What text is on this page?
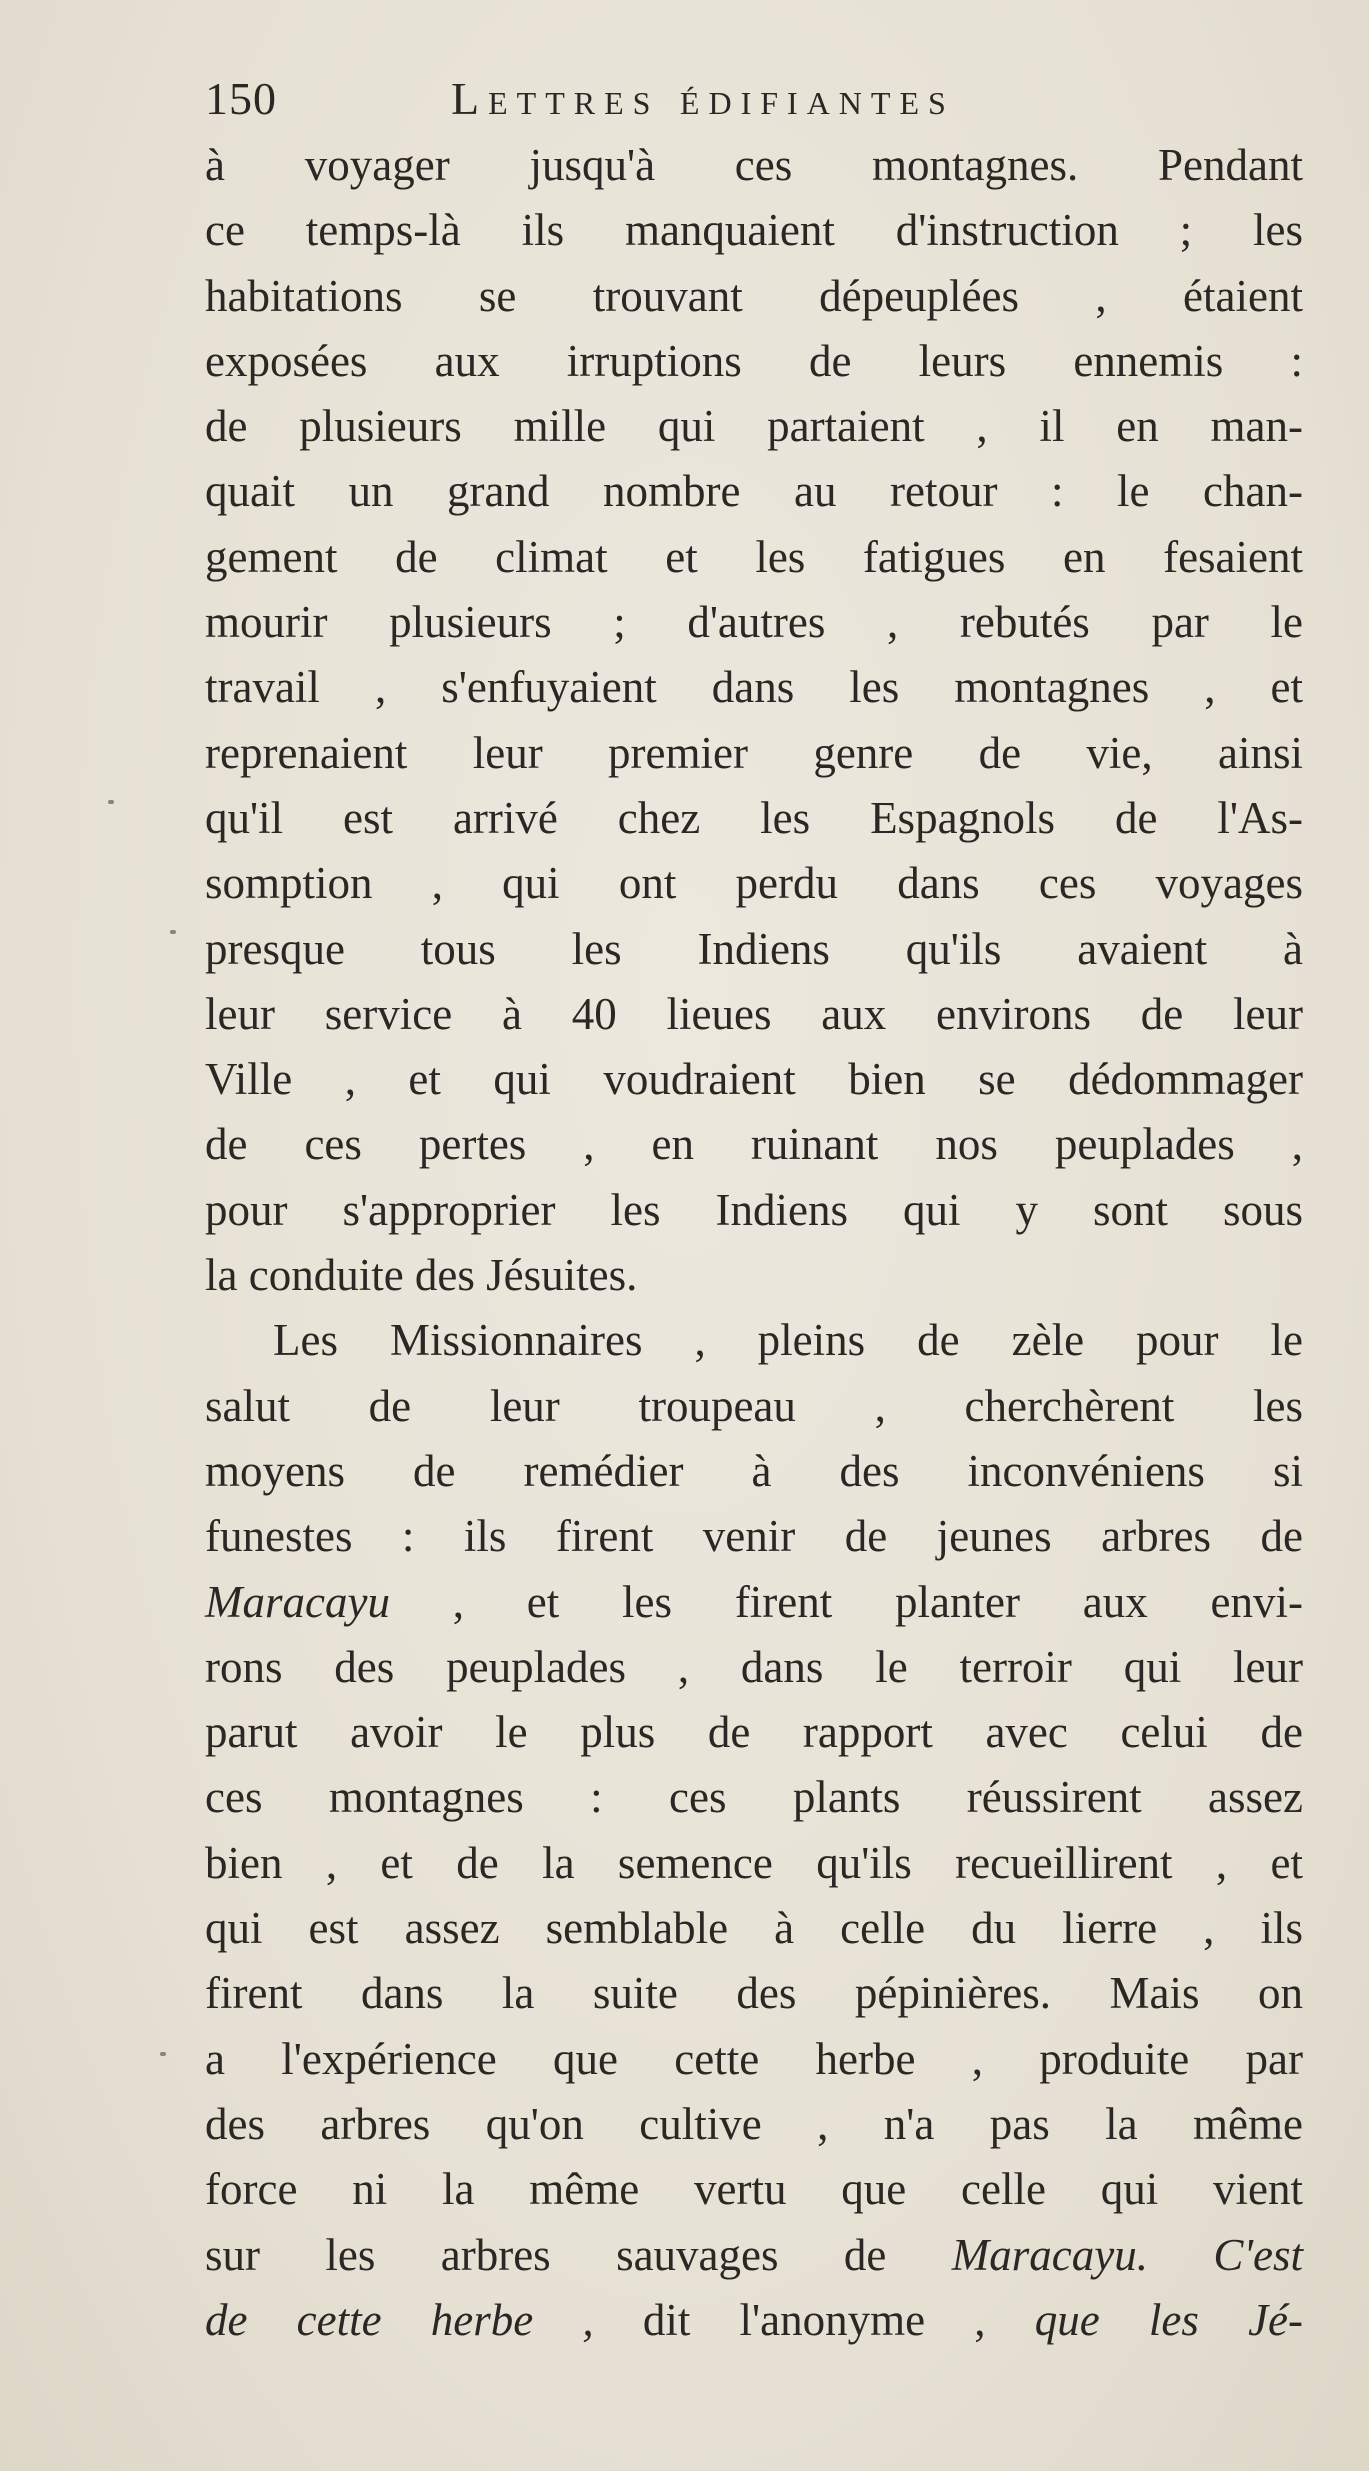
150	Lettres édifiantes
à voyager jusqu'à ces montagnes. Pendant
ce temps-là ils manquaient d'instruction ; les
habitations se trouvant dépeuplées , étaient
exposées aux irruptions de leurs ennemis :
de plusieurs mille qui partaient , il en man-
quait un grand nombre au retour : le chan-
gement de climat et les fatigues en fesaient
mourir plusieurs ; d'autres , rebutés par le
travail , s'enfuyaient dans les montagnes , et
reprenaient leur premier genre de vie, ainsi
qu'il est arrivé chez les Espagnols de l'As-
somption , qui ont perdu dans ces voyages
presque tous les Indiens qu'ils avaient à
leur service à 40 lieues aux environs de leur
Ville , et qui voudraient bien se dédommager
de ces pertes , en ruinant nos peuplades ,
pour s'approprier les Indiens qui y sont sous
la conduite des Jésuites.
Les Missionnaires , pleins de zèle pour le
salut de leur troupeau , cherchèrent les
moyens de remédier à des inconvéniens si
funestes : ils firent venir de jeunes arbres de
Maracayu , et les firent planter aux envi-
rons des peuplades , dans le terroir qui leur
parut avoir le plus de rapport avec celui de
ces montagnes : ces plants réussirent assez
bien , et de la semence qu'ils recueillirent , et
qui est assez semblable à celle du lierre , ils
firent dans la suite des pépinières. Mais on
a l'expérience que cette herbe , produite par
des arbres qu'on cultive , n'a pas la même
force ni la même vertu que celle qui vient
sur les arbres sauvages de Maracayu. C'est
de cette herbe , dit l'anonyme , que les Jé-
